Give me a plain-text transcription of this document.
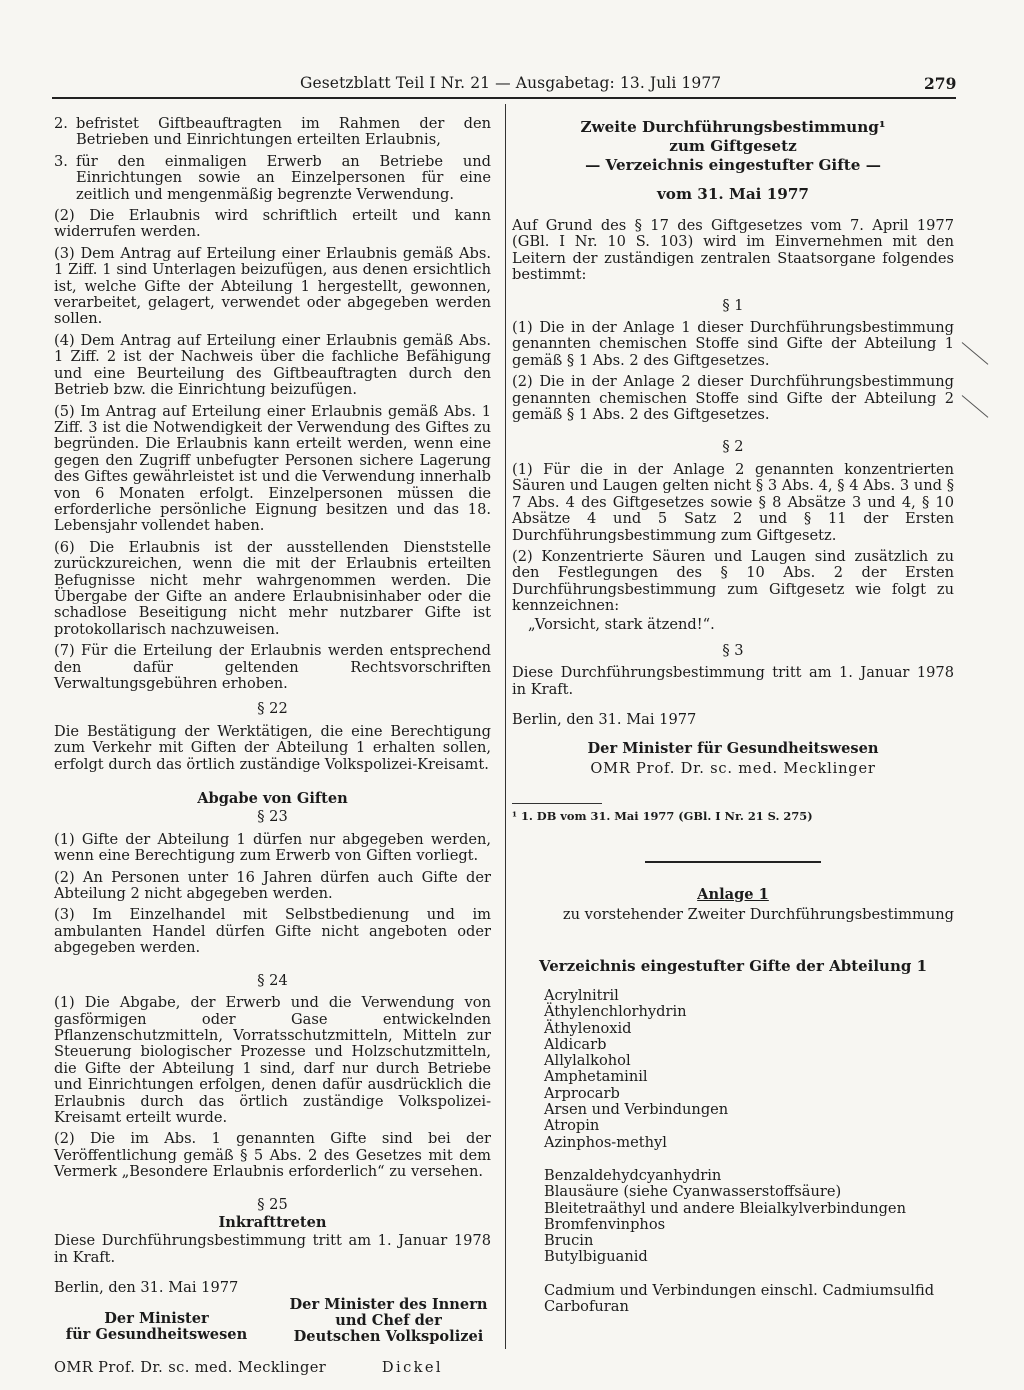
Gesetzblatt Teil I Nr. 21 — Ausgabetag: 13. Juli 1977	279
2. befristet Giftbeauftragten im Rahmen der den Betrieben und Einrichtungen erteilten Erlaubnis,
3. für den einmaligen Erwerb an Betriebe und Einrichtungen sowie an Einzelpersonen für eine zeitlich und mengenmäßig begrenzte Verwendung.

(2) Die Erlaubnis wird schriftlich erteilt und kann widerrufen werden.

(3) Dem Antrag auf Erteilung einer Erlaubnis gemäß Abs. 1 Ziff. 1 sind Unterlagen beizufügen, aus denen ersichtlich ist, welche Gifte der Abteilung 1 hergestellt, gewonnen, verarbeitet, gelagert, verwendet oder abgegeben werden sollen.

(4) Dem Antrag auf Erteilung einer Erlaubnis gemäß Abs. 1 Ziff. 2 ist der Nachweis über die fachliche Befähigung und eine Beurteilung des Giftbeauftragten durch den Betrieb bzw. die Einrichtung beizufügen.

(5) Im Antrag auf Erteilung einer Erlaubnis gemäß Abs. 1 Ziff. 3 ist die Notwendigkeit der Verwendung des Giftes zu begründen. Die Erlaubnis kann erteilt werden, wenn eine gegen den Zugriff unbefugter Personen sichere Lagerung des Giftes gewährleistet ist und die Verwendung innerhalb von 6 Monaten erfolgt. Einzelpersonen müssen die erforderliche persönliche Eignung besitzen und das 18. Lebensjahr vollendet haben.

(6) Die Erlaubnis ist der ausstellenden Dienststelle zurückzureichen, wenn die mit der Erlaubnis erteilten Befugnisse nicht mehr wahrgenommen werden. Die Übergabe der Gifte an andere Erlaubnisinhaber oder die schadlose Beseitigung nicht mehr nutzbarer Gifte ist protokollarisch nachzuweisen.

(7) Für die Erteilung der Erlaubnis werden entsprechend den dafür geltenden Rechtsvorschriften Verwaltungsgebühren erhoben.

§ 22

Die Bestätigung der Werktätigen, die eine Berechtigung zum Verkehr mit Giften der Abteilung 1 erhalten sollen, erfolgt durch das örtlich zuständige Volkspolizei-Kreisamt.

Abgabe von Giften
§ 23

(1) Gifte der Abteilung 1 dürfen nur abgegeben werden, wenn eine Berechtigung zum Erwerb von Giften vorliegt.

(2) An Personen unter 16 Jahren dürfen auch Gifte der Abteilung 2 nicht abgegeben werden.

(3) Im Einzelhandel mit Selbstbedienung und im ambulanten Handel dürfen Gifte nicht angeboten oder abgegeben werden.

§ 24

(1) Die Abgabe, der Erwerb und die Verwendung von gasförmigen oder Gase entwickelnden Pflanzenschutzmitteln, Vorratsschutzmitteln, Mitteln zur Steuerung biologischer Prozesse und Holzschutzmitteln, die Gifte der Abteilung 1 sind, darf nur durch Betriebe und Einrichtungen erfolgen, denen dafür ausdrücklich die Erlaubnis durch das örtlich zuständige Volkspolizei-Kreisamt erteilt wurde.

(2) Die im Abs. 1 genannten Gifte sind bei der Veröffentlichung gemäß § 5 Abs. 2 des Gesetzes mit dem Vermerk „Besondere Erlaubnis erforderlich“ zu versehen.

§ 25
Inkrafttreten

Diese Durchführungsbestimmung tritt am 1. Januar 1978 in Kraft.

Berlin, den 31. Mai 1977

Der Minister
für Gesundheitswesen
Der Minister des Innern
und Chef der
Deutschen Volkspolizei
OMR Prof. Dr. sc. med. Mecklinger	Dickel
Zweite Durchführungsbestimmung¹
zum Giftgesetz
— Verzeichnis eingestufter Gifte —
vom 31. Mai 1977

Auf Grund des § 17 des Giftgesetzes vom 7. April 1977 (GBl. I Nr. 10 S. 103) wird im Einvernehmen mit den Leitern der zuständigen zentralen Staatsorgane folgendes bestimmt:

§ 1

(1) Die in der Anlage 1 dieser Durchführungsbestimmung genannten chemischen Stoffe sind Gifte der Abteilung 1 gemäß § 1 Abs. 2 des Giftgesetzes.

(2) Die in der Anlage 2 dieser Durchführungsbestimmung genannten chemischen Stoffe sind Gifte der Abteilung 2 gemäß § 1 Abs. 2 des Giftgesetzes.

§ 2

(1) Für die in der Anlage 2 genannten konzentrierten Säuren und Laugen gelten nicht § 3 Abs. 4, § 4 Abs. 3 und § 7 Abs. 4 des Giftgesetzes sowie § 8 Absätze 3 und 4, § 10 Absätze 4 und 5 Satz 2 und § 11 der Ersten Durchführungsbestimmung zum Giftgesetz.

(2) Konzentrierte Säuren und Laugen sind zusätzlich zu den Festlegungen des § 10 Abs. 2 der Ersten Durchführungsbestimmung zum Giftgesetz wie folgt zu kennzeichnen:

„Vorsicht, stark ätzend!“.

§ 3

Diese Durchführungsbestimmung tritt am 1. Januar 1978 in Kraft.

Berlin, den 31. Mai 1977

Der Minister für Gesundheitswesen
OMR Prof. Dr. sc. med. Mecklinger
¹ 1. DB vom 31. Mai 1977 (GBl. I Nr. 21 S. 275)
Anlage 1
zu vorstehender Zweiter Durchführungsbestimmung
Verzeichnis eingestufter Gifte der Abteilung 1
Acrylnitril
Äthylenchlorhydrin
Äthylenoxid
Aldicarb
Allylalkohol
Amphetaminil
Arprocarb
Arsen und Verbindungen
Atropin
Azinphos-methyl
Benzaldehydcyanhydrin
Blausäure (siehe Cyanwasserstoffsäure)
Bleitetraäthyl und andere Bleialkylverbindungen
Bromfenvinphos
Brucin
Butylbiguanid
Cadmium und Verbindungen einschl. Cadmiumsulfid
Carbofuran
